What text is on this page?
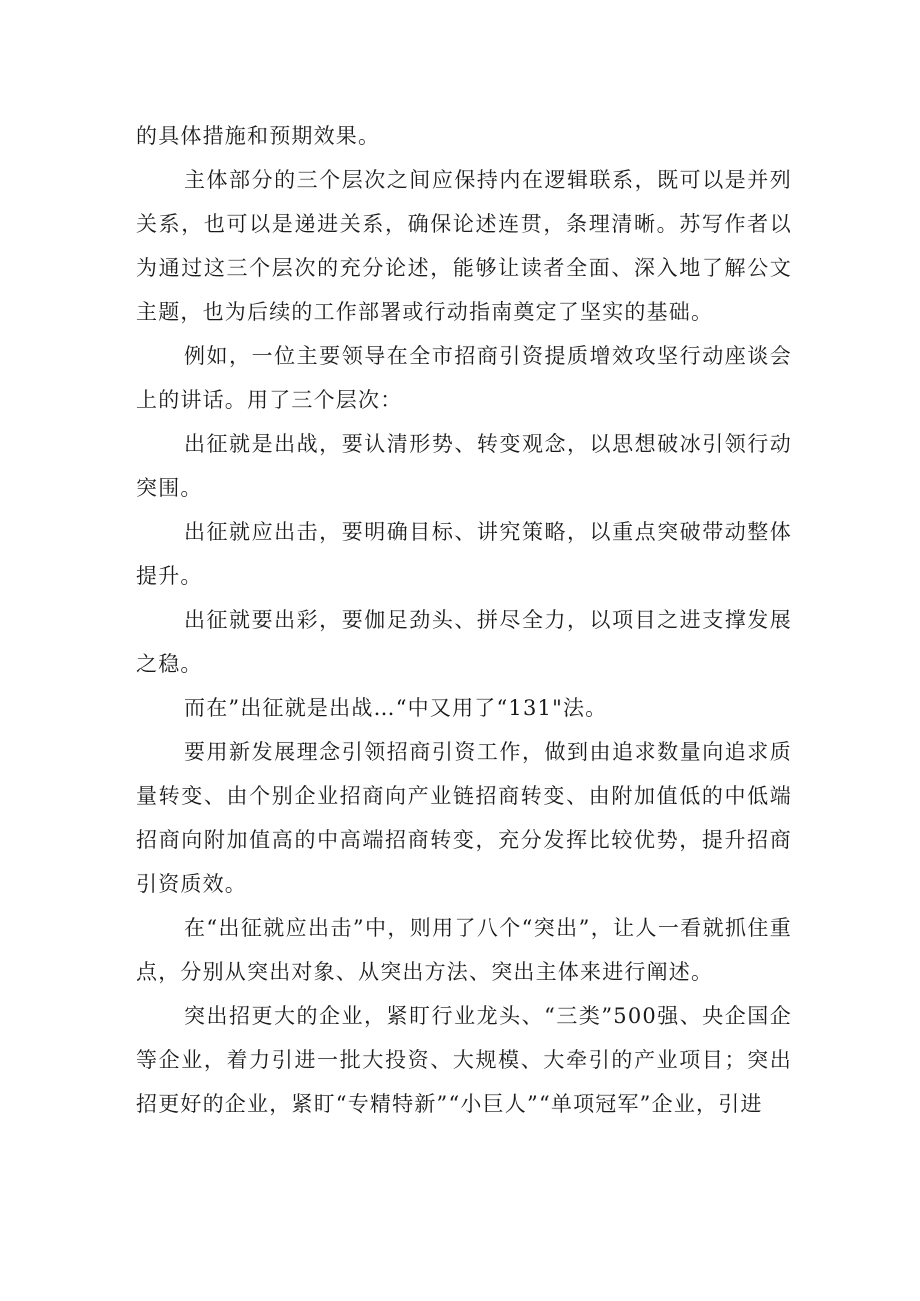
的具体措施和预期效果。

主体部分的三个层次之间应保持内在逻辑联系，既可以是并列关系，也可以是递进关系，确保论述连贯，条理清晰。苏写作者以为通过这三个层次的充分论述，能够让读者全面、深入地了解公文主题，也为后续的工作部署或行动指南奠定了坚实的基础。

例如，一位主要领导在全市招商引资提质增效攻坚行动座谈会上的讲话。用了三个层次：

出征就是出战，要认清形势、转变观念，以思想破冰引领行动突围。

出征就应出击，要明确目标、讲究策略，以重点突破带动整体提升。

出征就要出彩，要伽足劲头、拼尽全力，以项目之进支撑发展之稳。

而在”出征就是出战…“中又用了“131"法。

要用新发展理念引领招商引资工作，做到由追求数量向追求质量转变、由个别企业招商向产业链招商转变、由附加值低的中低端招商向附加值高的中高端招商转变，充分发挥比较优势，提升招商引资质效。

在“出征就应出击”中，则用了八个“突出”，让人一看就抓住重点，分别从突出对象、从突出方法、突出主体来进行阐述。

突出招更大的企业，紧盯行业龙头、“三类”500强、央企国企等企业，着力引进一批大投资、大规模、大牵引的产业项目；突出招更好的企业，紧盯“专精特新”“小巨人”“单项冠军”企业，引进
